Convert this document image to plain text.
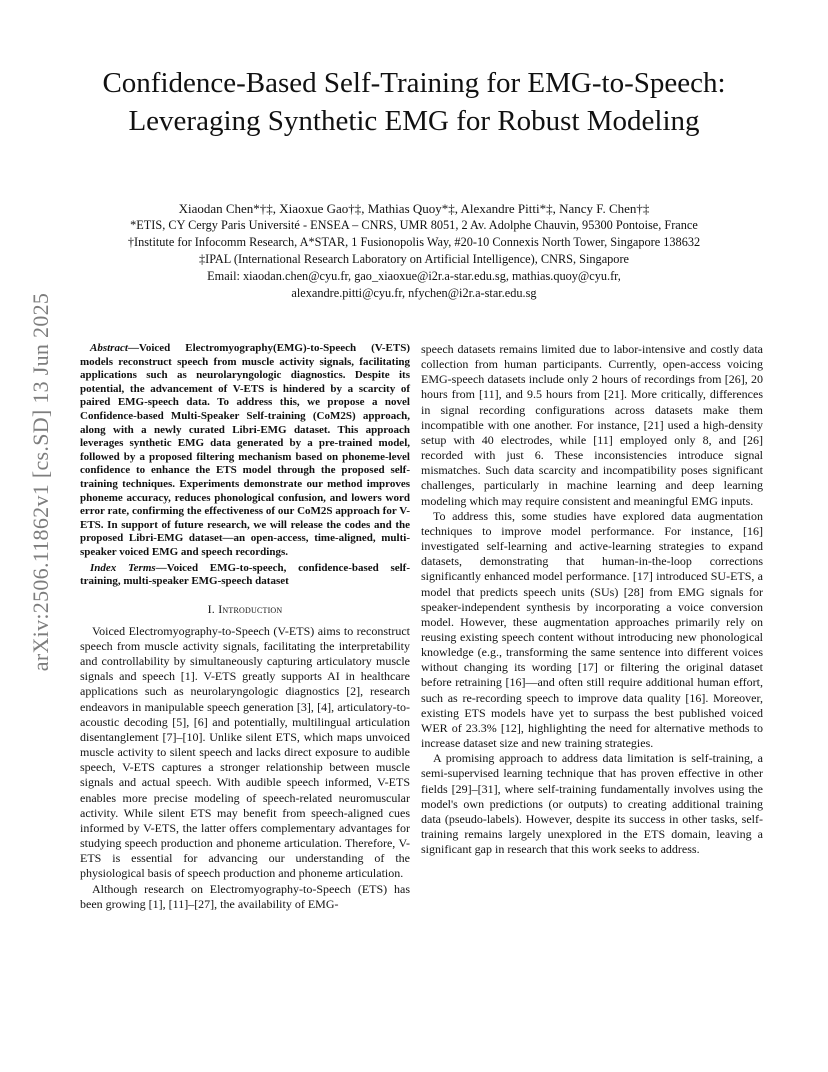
arXiv:2506.11862v1 [cs.SD] 13 Jun 2025
Confidence-Based Self-Training for EMG-to-Speech: Leveraging Synthetic EMG for Robust Modeling

Xiaodan Chen*†‡, Xiaoxue Gao†‡, Mathias Quoy*‡, Alexandre Pitti*‡, Nancy F. Chen†‡

*ETIS, CY Cergy Paris Université - ENSEA – CNRS, UMR 8051, 2 Av. Adolphe Chauvin, 95300 Pontoise, France

†Institute for Infocomm Research, A*STAR, 1 Fusionopolis Way, #20-10 Connexis North Tower, Singapore 138632

‡IPAL (International Research Laboratory on Artificial Intelligence), CNRS, Singapore

Email: xiaodan.chen@cyu.fr, gao_xiaoxue@i2r.a-star.edu.sg, mathias.quoy@cyu.fr,

alexandre.pitti@cyu.fr, nfychen@i2r.a-star.edu.sg

Abstract—Voiced Electromyography(EMG)-to-Speech (V-ETS) models reconstruct speech from muscle activity signals, facilitating applications such as neurolaryngologic diagnostics. Despite its potential, the advancement of V-ETS is hindered by a scarcity of paired EMG-speech data. To address this, we propose a novel Confidence-based Multi-Speaker Self-training (CoM2S) approach, along with a newly curated Libri-EMG dataset. This approach leverages synthetic EMG data generated by a pre-trained model, followed by a proposed filtering mechanism based on phoneme-level confidence to enhance the ETS model through the proposed self-training techniques. Experiments demonstrate our method improves phoneme accuracy, reduces phonological confusion, and lowers word error rate, confirming the effectiveness of our CoM2S approach for V-ETS. In support of future research, we will release the codes and the proposed Libri-EMG dataset—an open-access, time-aligned, multi-speaker voiced EMG and speech recordings.

Index Terms—Voiced EMG-to-speech, confidence-based self-training, multi-speaker EMG-speech dataset

I. Introduction

Voiced Electromyography-to-Speech (V-ETS) aims to reconstruct speech from muscle activity signals, facilitating the interpretability and controllability by simultaneously capturing articulatory muscle signals and speech [1]. V-ETS greatly supports AI in healthcare applications such as neurolaryngologic diagnostics [2], research endeavors in manipulable speech generation [3], [4], articulatory-to-acoustic decoding [5], [6] and potentially, multilingual articulation disentanglement [7]–[10]. Unlike silent ETS, which maps unvoiced muscle activity to silent speech and lacks direct exposure to audible speech, V-ETS captures a stronger relationship between muscle signals and actual speech. With audible speech informed, V-ETS enables more precise modeling of speech-related neuromuscular activity. While silent ETS may benefit from speech-aligned cues informed by V-ETS, the latter offers complementary advantages for studying speech production and phoneme articulation. Therefore, V-ETS is essential for advancing our understanding of the physiological basis of speech production and phoneme articulation.

Although research on Electromyography-to-Speech (ETS) has been growing [1], [11]–[27], the availability of EMG-

speech datasets remains limited due to labor-intensive and costly data collection from human participants. Currently, open-access voicing EMG-speech datasets include only 2 hours of recordings from [26], 20 hours from [11], and 9.5 hours from [21]. More critically, differences in signal recording configurations across datasets make them incompatible with one another. For instance, [21] used a high-density setup with 40 electrodes, while [11] employed only 8, and [26] recorded with just 6. These inconsistencies introduce signal mismatches. Such data scarcity and incompatibility poses significant challenges, particularly in machine learning and deep learning modeling which may require consistent and meaningful EMG inputs.

To address this, some studies have explored data augmentation techniques to improve model performance. For instance, [16] investigated self-learning and active-learning strategies to expand datasets, demonstrating that human-in-the-loop corrections significantly enhanced model performance. [17] introduced SU-ETS, a model that predicts speech units (SUs) [28] from EMG signals for speaker-independent synthesis by incorporating a voice conversion model. However, these augmentation approaches primarily rely on reusing existing speech content without introducing new phonological knowledge (e.g., transforming the same sentence into different voices without changing its wording [17] or filtering the original dataset before retraining [16]—and often still require additional human effort, such as re-recording speech to improve data quality [16]. Moreover, existing ETS models have yet to surpass the best published voiced WER of 23.3% [12], highlighting the need for alternative methods to increase dataset size and new training strategies.

A promising approach to address data limitation is self-training, a semi-supervised learning technique that has proven effective in other fields [29]–[31], where self-training fundamentally involves using the model's own predictions (or outputs) to creating additional training data (pseudo-labels). However, despite its success in other tasks, self-training remains largely unexplored in the ETS domain, leaving a significant gap in research that this work seeks to address.
